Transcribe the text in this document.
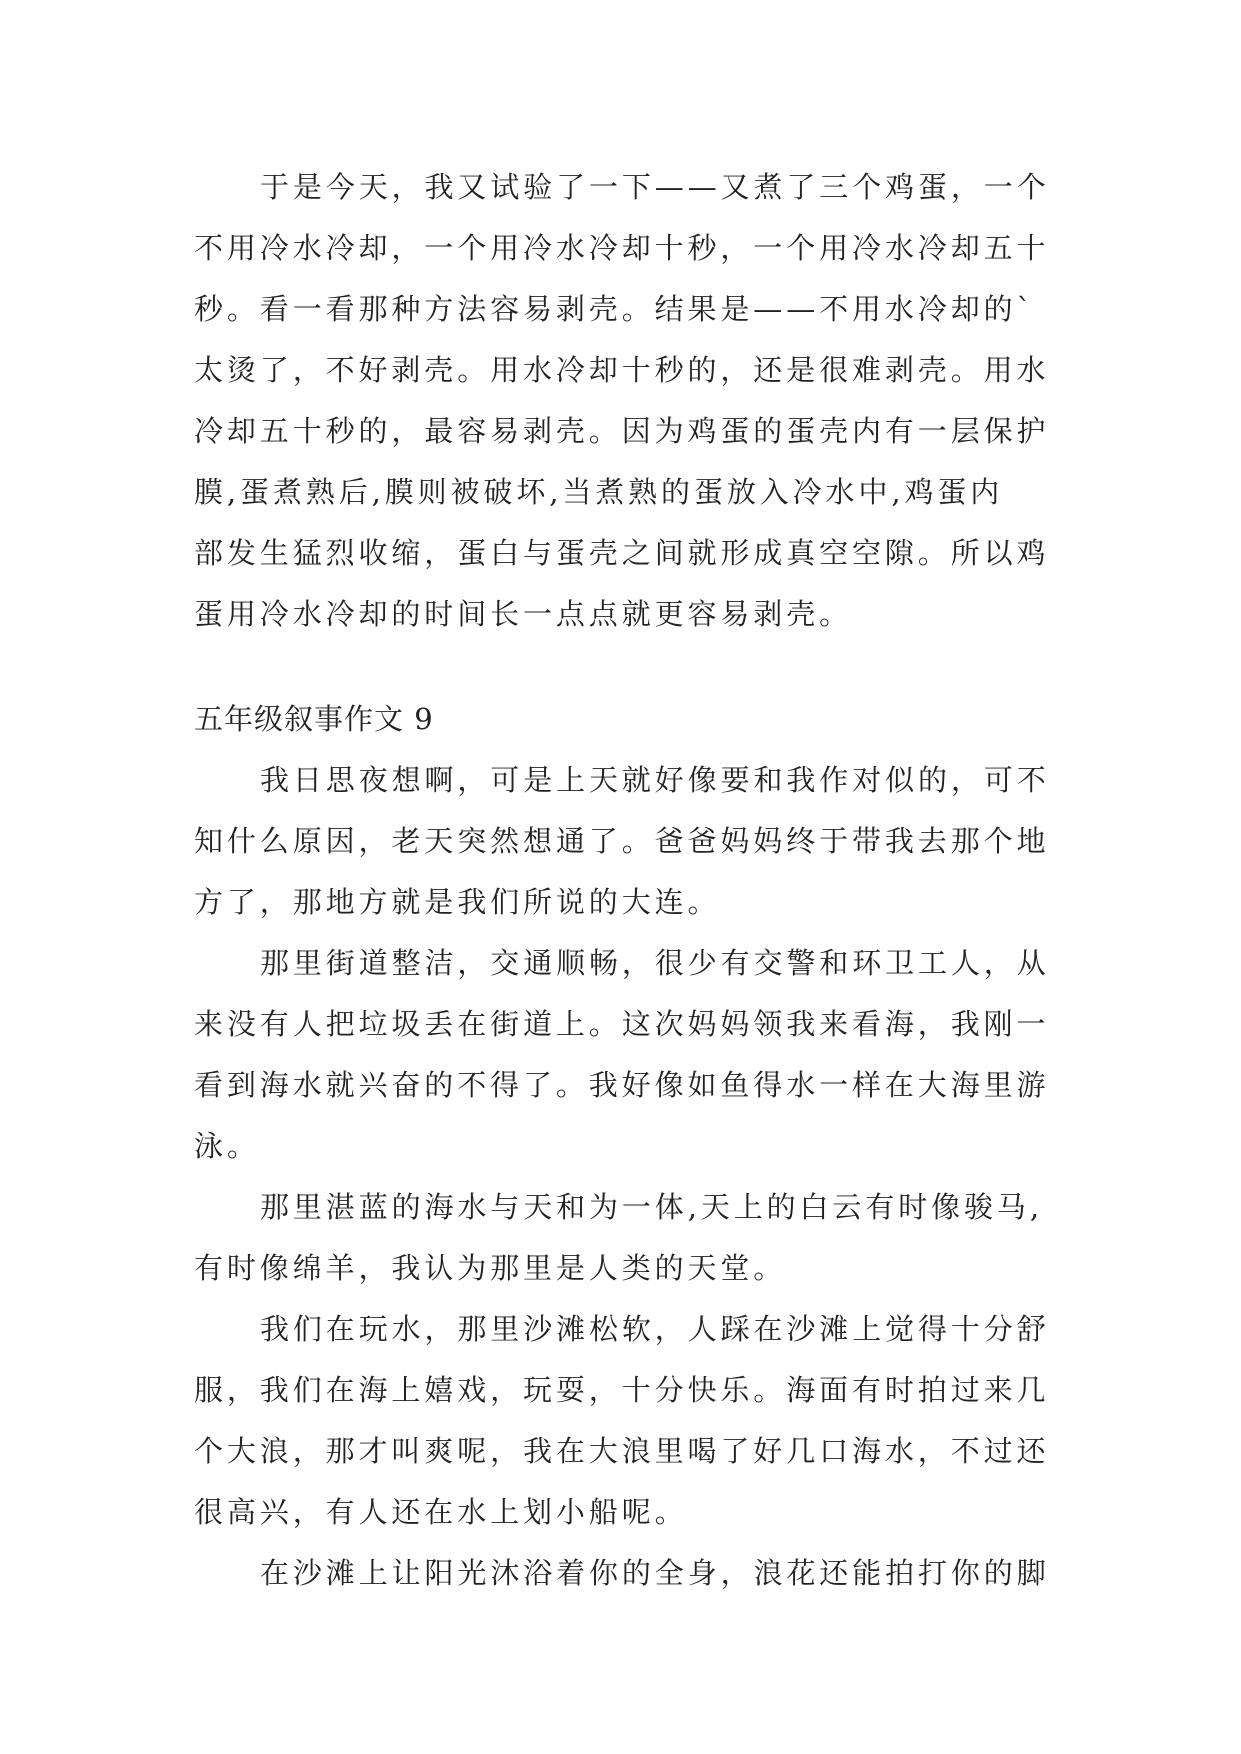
于是今天，我又试验了一下——又煮了三个鸡蛋，一个
不用冷水冷却，一个用冷水冷却十秒，一个用冷水冷却五十
秒。看一看那种方法容易剥壳。结果是——不用水冷却的`
太烫了，不好剥壳。用水冷却十秒的，还是很难剥壳。用水
冷却五十秒的，最容易剥壳。因为鸡蛋的蛋壳内有一层保护
膜,蛋煮熟后,膜则被破坏,当煮熟的蛋放入冷水中,鸡蛋内
部发生猛烈收缩，蛋白与蛋壳之间就形成真空空隙。所以鸡
蛋用冷水冷却的时间长一点点就更容易剥壳。
五年级叙事作文 9
我日思夜想啊，可是上天就好像要和我作对似的，可不
知什么原因，老天突然想通了。爸爸妈妈终于带我去那个地
方了，那地方就是我们所说的大连。
那里街道整洁，交通顺畅，很少有交警和环卫工人，从
来没有人把垃圾丢在街道上。这次妈妈领我来看海，我刚一
看到海水就兴奋的不得了。我好像如鱼得水一样在大海里游
泳。
那里湛蓝的海水与天和为一体,天上的白云有时像骏马,
有时像绵羊，我认为那里是人类的天堂。
我们在玩水，那里沙滩松软，人踩在沙滩上觉得十分舒
服，我们在海上嬉戏，玩耍，十分快乐。海面有时拍过来几
个大浪，那才叫爽呢，我在大浪里喝了好几口海水，不过还
很高兴，有人还在水上划小船呢。
在沙滩上让阳光沐浴着你的全身，浪花还能拍打你的脚
